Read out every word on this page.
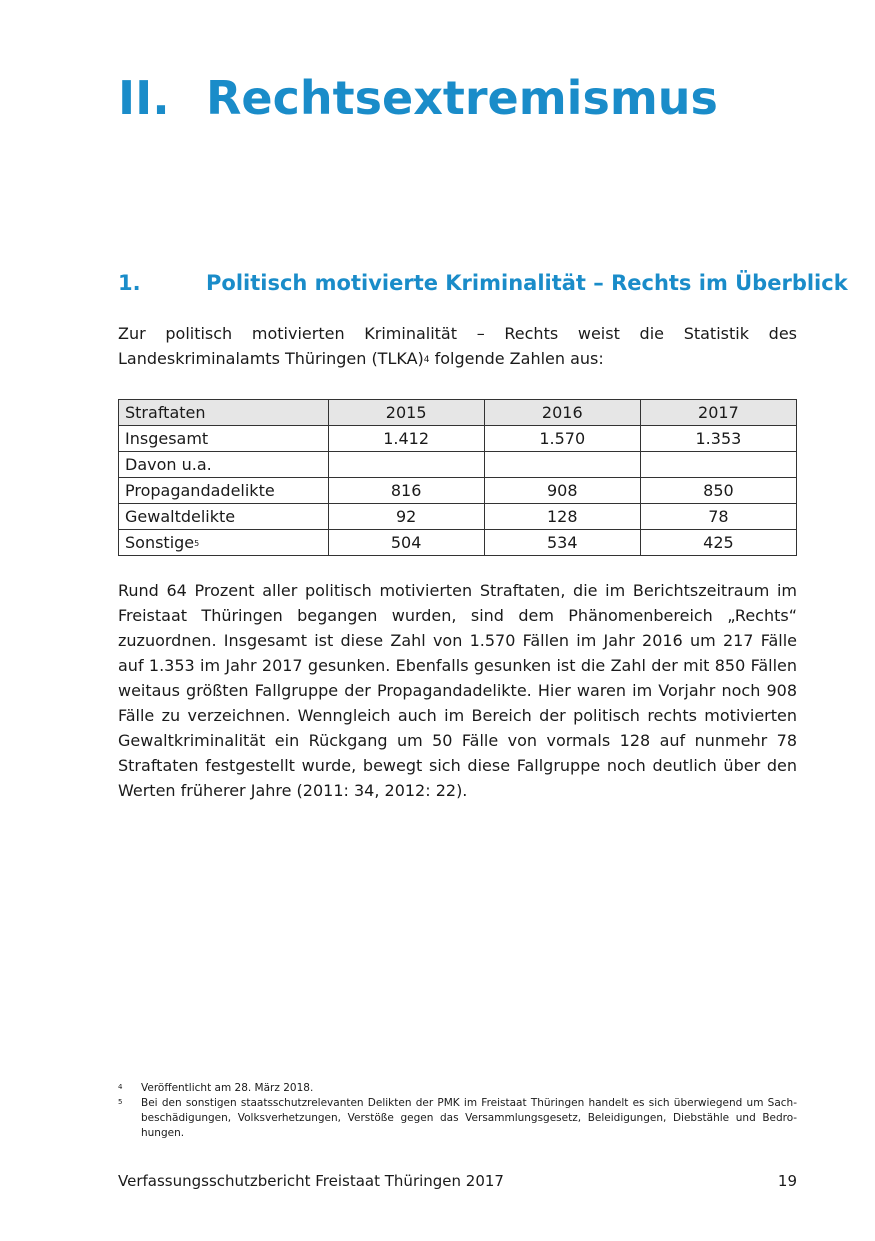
II. Rechtsextremismus
1.	Politisch motivierte Kriminalität – Rechts im Überblick

Zur politisch motivierten Kriminalität – Rechts weist die Statistik des Landeskriminalamts Thüringen (TLKA)$^4$ folgende Zahlen aus:

Straftaten	2015	2016	2017
Insgesamt	1.412	1.570	1.353
Davon u.a.			
Propagandadelikte	816	908	850
Gewaltdelikte	92	128	78
Sonstige$^5$	504	534	425

Rund 64 Prozent aller politisch motivierten Straftaten, die im Berichtszeitraum im Freistaat Thüringen begangen wurden, sind dem Phänomenbereich „Rechts“ zuzuordnen. Insgesamt ist diese Zahl von 1.570 Fällen im Jahr 2016 um 217 Fälle auf 1.353 im Jahr 2017 gesunken. Ebenfalls gesunken ist die Zahl der mit 850 Fällen weitaus größten Fallgruppe der Propagandadelikte. Hier waren im Vorjahr noch 908 Fälle zu verzeichnen. Wenngleich auch im Bereich der politisch rechts motivierten Gewaltkriminalität ein Rückgang um 50 Fälle von vormals 128 auf nunmehr 78 Straftaten festgestellt wurde, bewegt sich diese Fallgruppe noch deutlich über den Werten früherer Jahre (2011: 34, 2012: 22).

4	Veröffentlicht am 28. März 2018.
5	Bei den sonstigen staatsschutzrelevanten Delikten der PMK im Freistaat Thüringen handelt es sich überwiegend um Sachbeschädigungen, Volksverhetzungen, Verstöße gegen das Versammlungsgesetz, Beleidigungen, Diebstähle und Bedrohungen.
Verfassungsschutzbericht Freistaat Thüringen 2017	19
